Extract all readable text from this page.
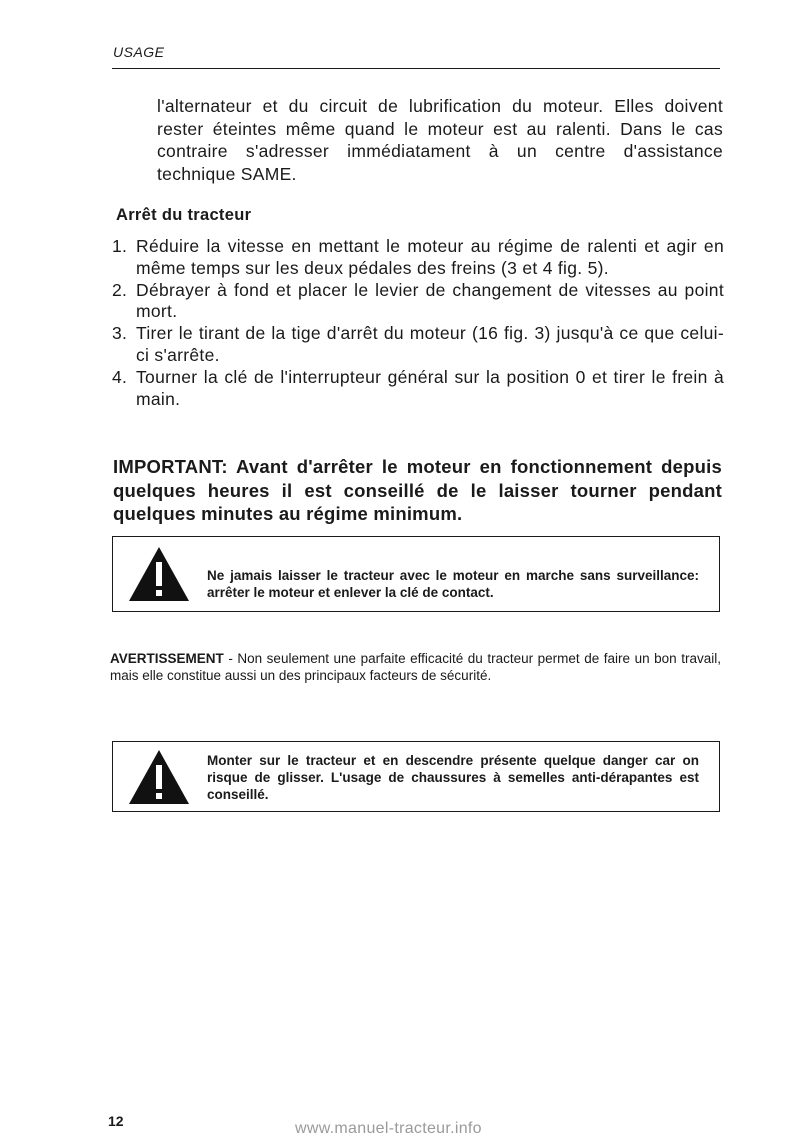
USAGE

l'alternateur et du circuit de lubrification du moteur. Elles doivent rester éteintes même quand le moteur est au ralenti. Dans le cas contraire s'adresser immédiatament à un centre d'assistance technique SAME.

Arrêt du tracteur
1. Réduire la vitesse en mettant le moteur au régime de ralenti et agir en même temps sur les deux pédales des freins (3 et 4 fig. 5).
2. Débrayer à fond et placer le levier de changement de vitesses au point mort.
3. Tirer le tirant de la tige d'arrêt du moteur (16 fig. 3) jusqu'à ce que celui-ci s'arrête.
4. Tourner la clé de l'interrupteur général sur la position 0 et tirer le frein à main.

IMPORTANT: Avant d'arrêter le moteur en fonctionnement depuis quelques heures il est conseillé de le laisser tourner pendant quelques minutes au régime minimum.

Ne jamais laisser le tracteur avec le moteur en marche sans surveillance: arrêter le moteur et enlever la clé de contact.

AVERTISSEMENT - Non seulement une parfaite efficacité du tracteur permet de faire un bon travail, mais elle constitue aussi un des principaux facteurs de sécurité.

Monter sur le tracteur et en descendre présente quelque danger car on risque de glisser. L'usage de chaussures à semelles anti-dérapantes est conseillé.

12	www.manuel-tracteur.info
